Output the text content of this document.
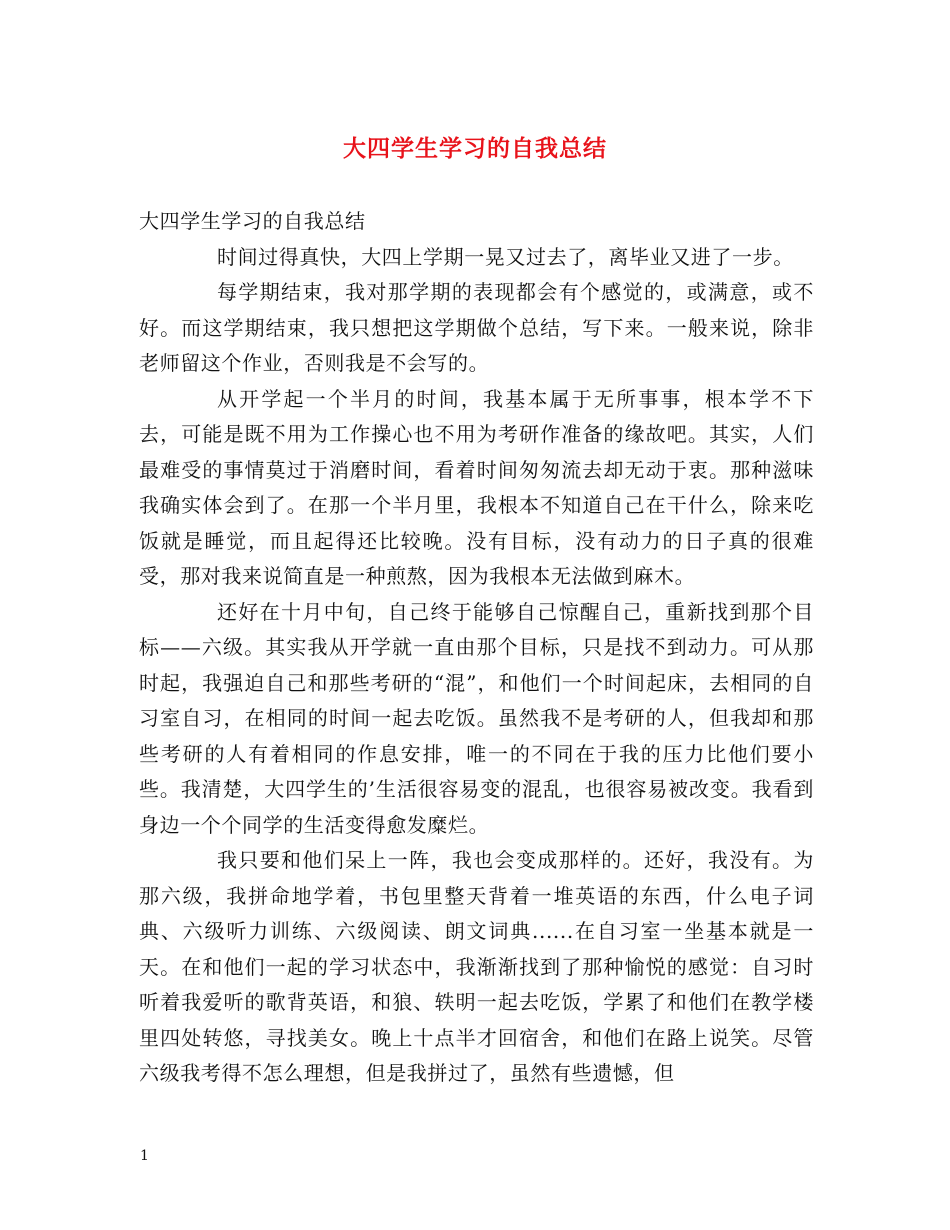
大四学生学习的自我总结

大四学生学习的自我总结

时间过得真快，大四上学期一晃又过去了，离毕业又进了一步。

每学期结束，我对那学期的表现都会有个感觉的，或满意，或不好。而这学期结束，我只想把这学期做个总结，写下来。一般来说，除非老师留这个作业，否则我是不会写的。

从开学起一个半月的时间，我基本属于无所事事，根本学不下去，可能是既不用为工作操心也不用为考研作准备的缘故吧。其实，人们最难受的事情莫过于消磨时间，看着时间匆匆流去却无动于衷。那种滋味我确实体会到了。在那一个半月里，我根本不知道自己在干什么，除来吃饭就是睡觉，而且起得还比较晚。没有目标，没有动力的日子真的很难受，那对我来说简直是一种煎熬，因为我根本无法做到麻木。

还好在十月中旬，自己终于能够自己惊醒自己，重新找到那个目标——六级。其实我从开学就一直由那个目标，只是找不到动力。可从那时起，我强迫自己和那些考研的“混”，和他们一个时间起床，去相同的自习室自习，在相同的时间一起去吃饭。虽然我不是考研的人，但我却和那些考研的人有着相同的作息安排，唯一的不同在于我的压力比他们要小些。我清楚，大四学生的’生活很容易变的混乱，也很容易被改变。我看到身边一个个同学的生活变得愈发糜烂。

我只要和他们呆上一阵，我也会变成那样的。还好，我没有。为那六级，我拼命地学着，书包里整天背着一堆英语的东西，什么电子词典、六级听力训练、六级阅读、朗文词典......在自习室一坐基本就是一天。在和他们一起的学习状态中，我渐渐找到了那种愉悦的感觉：自习时听着我爱听的歌背英语，和狼、轶明一起去吃饭，学累了和他们在教学楼里四处转悠，寻找美女。晚上十点半才回宿舍，和他们在路上说笑。尽管六级我考得不怎么理想，但是我拼过了，虽然有些遗憾，但

1
